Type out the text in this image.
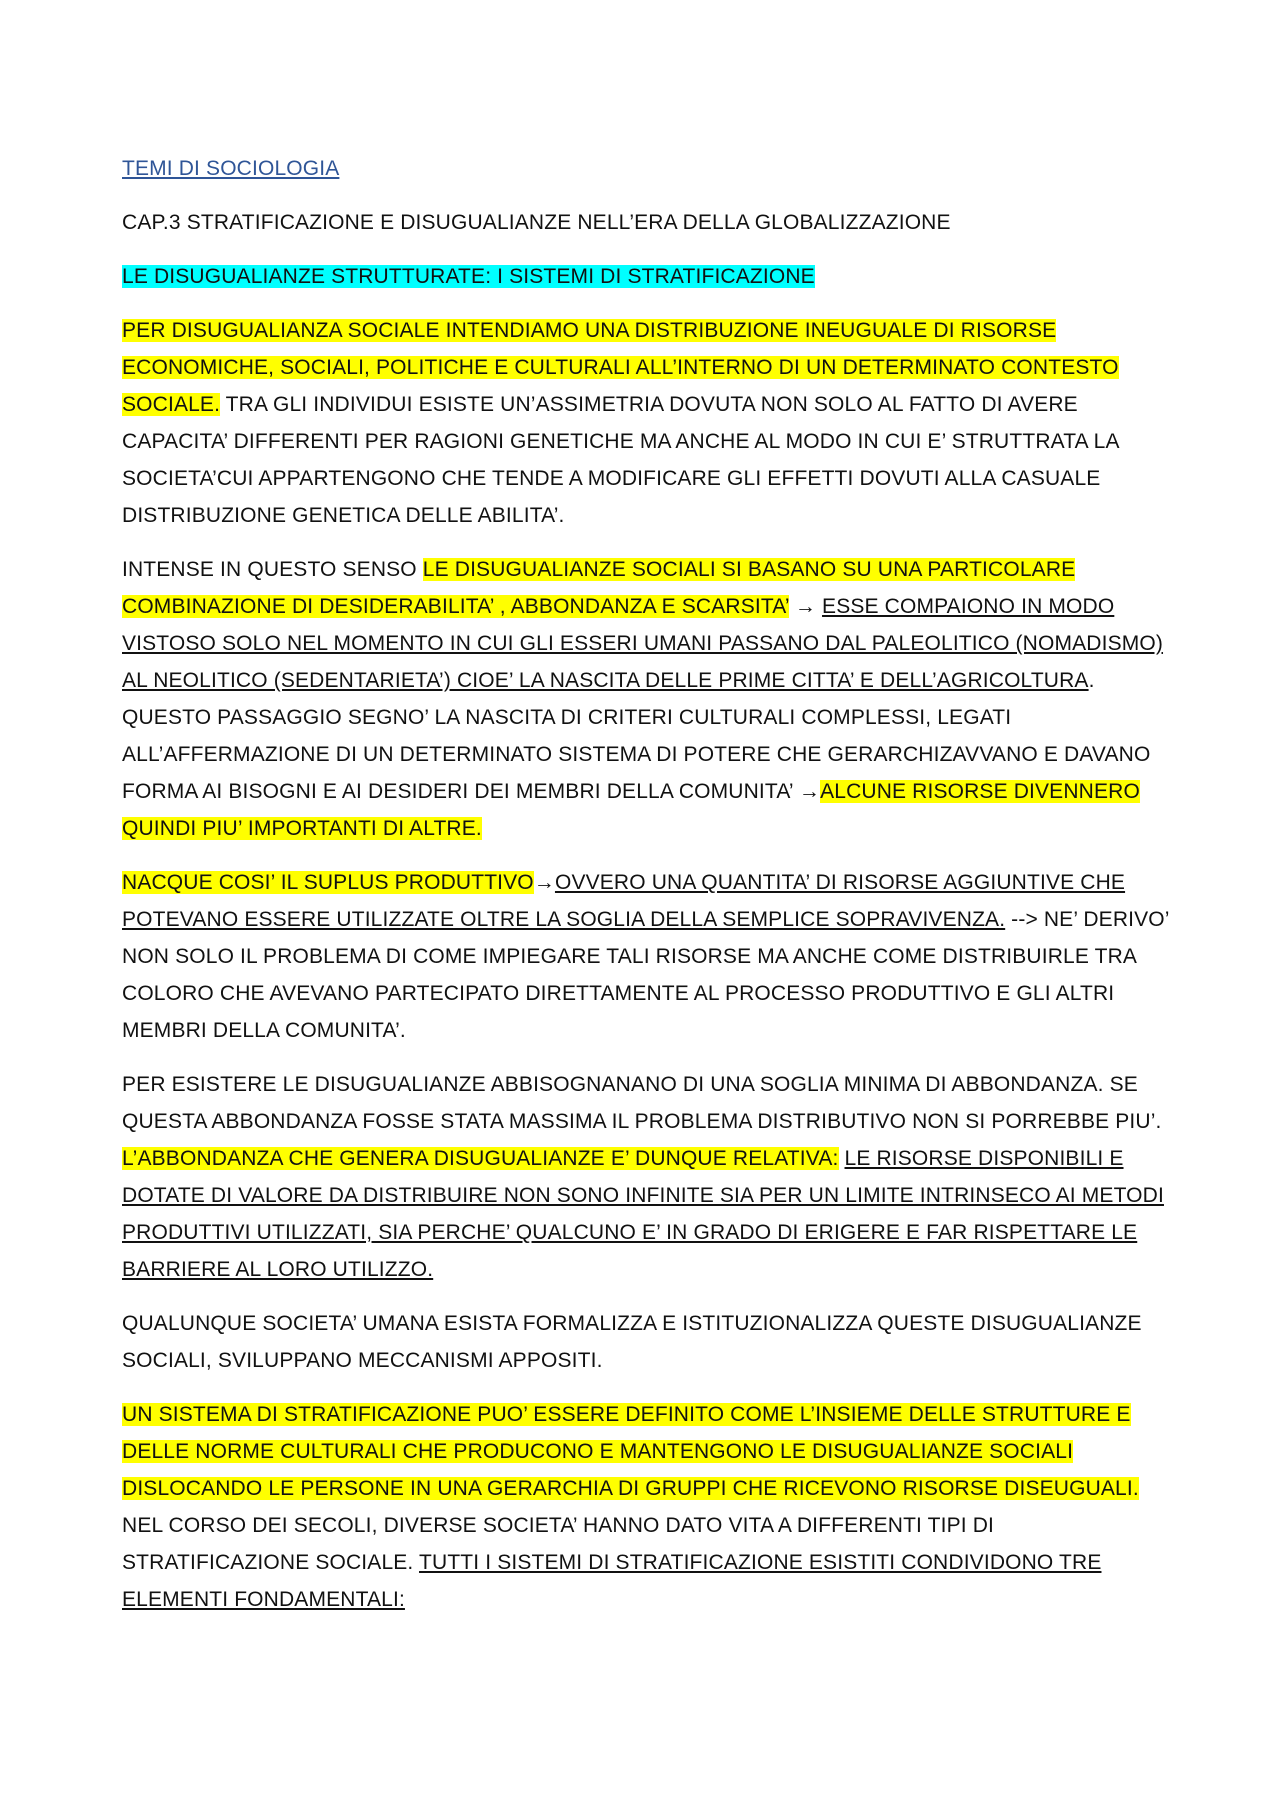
TEMI DI SOCIOLOGIA
CAP.3 STRATIFICAZIONE E DISUGUALIANZE NELL’ERA DELLA GLOBALIZZAZIONE
LE DISUGUALIANZE STRUTTURATE: I SISTEMI DI STRATIFICAZIONE
PER DISUGUALIANZA SOCIALE INTENDIAMO UNA DISTRIBUZIONE INEUGUALE DI RISORSE ECONOMICHE, SOCIALI, POLITICHE E CULTURALI ALL’INTERNO DI UN DETERMINATO CONTESTO SOCIALE. TRA GLI INDIVIDUI ESISTE UN’ASSIMETRIA DOVUTA NON SOLO AL FATTO DI AVERE CAPACITA’ DIFFERENTI PER RAGIONI GENETICHE MA ANCHE AL MODO IN CUI E’ STRUTTRATA LA SOCIETA’CUI APPARTENGONO CHE TENDE A MODIFICARE GLI EFFETTI DOVUTI ALLA CASUALE DISTRIBUZIONE GENETICA DELLE ABILITA’.
INTENSE IN QUESTO SENSO LE DISUGUALIANZE SOCIALI SI BASANO SU UNA PARTICOLARE COMBINAZIONE DI DESIDERABILITA’ , ABBONDANZA E SCARSITA’ → ESSE COMPAIONO IN MODO VISTOSO SOLO NEL MOMENTO IN CUI GLI ESSERI UMANI PASSANO DAL PALEOLITICO (NOMADISMO) AL NEOLITICO (SEDENTARIETA’) CIOE’ LA NASCITA DELLE PRIME CITTA’ E DELL’AGRICOLTURA. QUESTO PASSAGGIO SEGNO’ LA NASCITA DI CRITERI CULTURALI COMPLESSI, LEGATI ALL’AFFERMAZIONE DI UN DETERMINATO SISTEMA DI POTERE CHE GERARCHIZAVVANO E DAVANO FORMA AI BISOGNI E AI DESIDERI DEI MEMBRI DELLA COMUNITA’ →ALCUNE RISORSE DIVENNERO QUINDI PIU’ IMPORTANTI DI ALTRE.
NACQUE COSI’ IL SUPLUS PRODUTTIVO→OVVERO UNA QUANTITA’ DI RISORSE AGGIUNTIVE CHE POTEVANO ESSERE UTILIZZATE OLTRE LA SOGLIA DELLA SEMPLICE SOPRAVIVENZA. --> NE’ DERIVO’ NON SOLO IL PROBLEMA DI COME IMPIEGARE TALI RISORSE MA ANCHE COME DISTRIBUIRLE TRA COLORO CHE AVEVANO PARTECIPATO DIRETTAMENTE AL PROCESSO PRODUTTIVO E GLI ALTRI MEMBRI DELLA COMUNITA’.
PER ESISTERE LE DISUGUALIANZE ABBISOGNANANO DI UNA SOGLIA MINIMA DI ABBONDANZA. SE QUESTA ABBONDANZA FOSSE STATA MASSIMA IL PROBLEMA DISTRIBUTIVO NON SI PORREBBE PIU’. L’ABBONDANZA CHE GENERA DISUGUALIANZE E’ DUNQUE RELATIVA: LE RISORSE DISPONIBILI E DOTATE DI VALORE DA DISTRIBUIRE NON SONO INFINITE SIA PER UN LIMITE INTRINSECO AI METODI PRODUTTIVI UTILIZZATI, SIA PERCHE’ QUALCUNO E’ IN GRADO DI ERIGERE E FAR RISPETTARE LE BARRIERE AL LORO UTILIZZO.
QUALUNQUE SOCIETA’ UMANA ESISTA FORMALIZZA E ISTITUZIONALIZZA QUESTE DISUGUALIANZE SOCIALI, SVILUPPANO MECCANISMI APPOSITI.
UN SISTEMA DI STRATIFICAZIONE PUO’ ESSERE DEFINITO COME L’INSIEME DELLE STRUTTURE E DELLE NORME CULTURALI CHE PRODUCONO E MANTENGONO LE DISUGUALIANZE SOCIALI DISLOCANDO LE PERSONE IN UNA GERARCHIA DI GRUPPI CHE RICEVONO RISORSE DISEUGUALI. NEL CORSO DEI SECOLI, DIVERSE SOCIETA’ HANNO DATO VITA A DIFFERENTI TIPI DI STRATIFICAZIONE SOCIALE. TUTTI I SISTEMI DI STRATIFICAZIONE ESISTITI CONDIVIDONO TRE ELEMENTI FONDAMENTALI:
